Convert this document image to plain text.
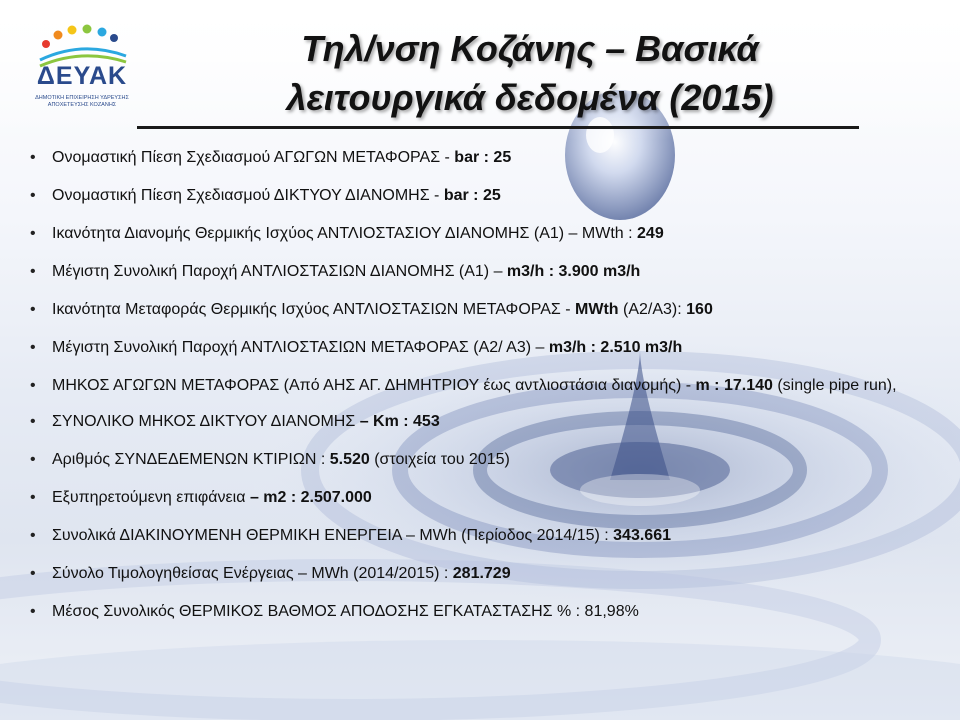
ΔΕΥΑΚ
ΔΗΜΟΤΙΚΗ ΕΠΙΧΕΙΡΗΣΗ ΥΔΡΕΥΣΗΣ
ΑΠΟΧΕΤΕΥΣΗΣ ΚΟΖΑΝΗΣ
Τηλ/νση Κοζάνης – Βασικά
λειτουργικά δεδομένα (2015)
• Ονομαστική Πίεση Σχεδιασμού ΑΓΩΓΩΝ ΜΕΤΑΦΟΡΑΣ - bar : 25
• Ονομαστική Πίεση Σχεδιασμού ΔΙΚΤΥΟΥ ΔΙΑΝΟΜΗΣ - bar : 25
• Ικανότητα Διανομής Θερμικής Ισχύος ΑΝΤΛΙΟΣΤΑΣΙΟΥ ΔΙΑΝΟΜΗΣ (Α1) – MWth : 249
• Μέγιστη Συνολική Παροχή ΑΝΤΛΙΟΣΤΑΣΙΩΝ ΔΙΑΝΟΜΗΣ (Α1) – m3/h : 3.900 m3/h
• Ικανότητα Μεταφοράς Θερμικής Ισχύος ΑΝΤΛΙΟΣΤΑΣΙΩΝ ΜΕΤΑΦΟΡΑΣ - MWth (Α2/Α3): 160
• Μέγιστη Συνολική Παροχή ΑΝΤΛΙΟΣΤΑΣΙΩΝ ΜΕΤΑΦΟΡΑΣ (Α2/ Α3) – m3/h : 2.510 m3/h
• ΜΗΚΟΣ ΑΓΩΓΩΝ ΜΕΤΑΦΟΡΑΣ (Από ΑΗΣ ΑΓ. ΔΗΜΗΤΡΙΟΥ έως αντλιοστάσια διανομής) - m : 17.140 (single pipe run),
• ΣΥΝΟΛΙΚΟ ΜΗΚΟΣ ΔΙΚΤΥΟΥ ΔΙΑΝΟΜΗΣ – Km : 453
• Αριθμός ΣΥΝΔΕΔΕΜΕΝΩΝ ΚΤΙΡΙΩΝ : 5.520 (στοιχεία του 2015)
• Εξυπηρετούμενη επιφάνεια – m2 : 2.507.000
• Συνολικά ΔΙΑΚΙΝΟΥΜΕΝΗ ΘΕΡΜΙΚΗ ΕΝΕΡΓΕΙΑ – MWh (Περίοδος 2014/15) : 343.661
• Σύνολο Τιμολογηθείσας Ενέργειας – MWh (2014/2015) : 281.729
• Μέσος Συνολικός ΘΕΡΜΙΚΟΣ ΒΑΘΜΟΣ ΑΠΟΔΟΣΗΣ ΕΓΚΑΤΑΣΤΑΣΗΣ % : 81,98%
